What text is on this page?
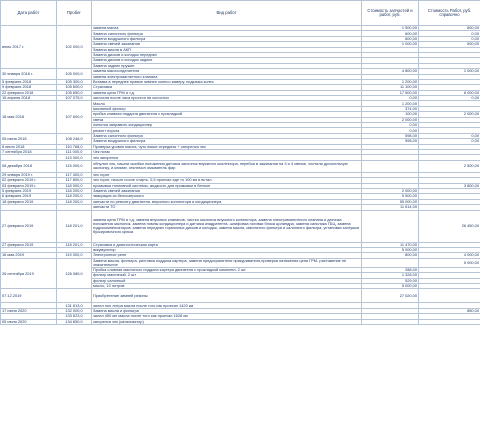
Дата работ	Пробег	Вид работ	Стоимость запчастей и работ, руб.	Стоимость Работ, руб. справочно
июнь 2017 г.	102 000,0	замена масла	1 500,00	800,00
		Замена салонного фильтра	600,00	0,00
		Замена воздушного фильтра	600,00	0,00
		Замена свечей зажигания	1 000,00	500,00
		Замена масла в АКП		
		Замена дисков и колодок передних		
		Замена дисков и колодок задних		
		Замена задних пружин		
30 января 2018 г.	105 000,0	замена маслоотделителя	4 800,00	1 000,00
		замена электромагнитного клапана		
5 февраля 2018	105 300,0	Вставка в переднее правое зимнее колесо камеру, подкачка колес	1 200,00	
9 февраля 2018	105 600,0	Страховка	11 100,00	
22 февраля 2018	105 650,0	замена цепи ГРМ и т.д.	17 500,00	8 000,00
15 апреля 2018	107 075,0	заглохла после часа простоя на холостых	0,00	0,00
18 мая 2018	107 600,0	Масло	1 200,00	
		масляный фильтр	374,00	
		пробка сливная поддона двигателя с прокладкой	100,00	2 000,00
		свеча	2 000,00	
		попытка заправить кондиционер	0,00	
		ремонт порога	0,00	
05 июня 2018	108 246,0	Замена салонного фильтра	598,00	0,00
		Замена воздушного фильтра	598,00	0,00
8 июля 2018	110 768,0	Проверка уровня масла, чуть выше середины + загорелся чек		
7 сентября 2018	111 000,0	Чек погас		
	113 000,0	чек загорелся		
08 декабря 2018	115 000,0	обнулил чек, нашли ошибки положения датчика заслонок впускного коллектора, перебои в зажигании на 3 и 4 свечке, чистили дроссельную заслонку, и климат, отключил омыватель фар		2 500,00
29 января 2019 г.	117 400,0	чек горит		
02 февраля 2019 г.	117 800,0	чек горит, пасcат после стирть, 0,5 проехал еде то 100 км и встал		
03 февраля 2019 г.	118 000,0	промывка топливной системы, жидкость для промывки в бензин		3 800,00
5 февраля 2019	118 200,0	Замена свечей зажигания	2 000,00	
6 февраля 2019	118 200,0	эвакуация из белоозерского	5 500,00	
18 февраля 2019	118 200,0	запчасти по ремонту двигателя, впускного коллектора и кондиционера	55 000,00	
		запчасти ТО	11 614,00	
27 февраля 2019	118 201,0	замена цепи ГРМ и т.д, замена впускных клапанов, чистка заслонок впускного коллектора, замена электромагнитного клапана и датчика положения заслонок, замена помпы кондиционера и датчика кнадратента, шлифовка головки блока цилиндра, замена сальника ГБЦ, замена гидрокомпенсаторов, замена передних тормозных дисков и колодок, замена масла, масляного фильтра и салонного фильтра, установка заглушки буксировочного крюка		26 450,00
27 февраля 2019	118 201,0	Страховка и диагностическая карта	11 470,00	
		аккумулятор	5 000,00	
16 мая 2019	119 000,0	Электронное реле	800,00	4 000,00
26 сентября 2019	126 089,0	Замена масла, фильтра, рихтовка поддона картера, замена предохранителя прикуривателя,проверка натяжения цепи ГРМ- растяжение не значительное		5 000,00
		Пробка сливная масляного поддона картера двигателя с прокладкой комплект, 2 шт.	288,00	
		фильтр масляный, 2 шт	1 328,00	
		фильтр салонный	529,00	
		масло, 10 литров	5 000,00	
07.12.2019		Приобретение зимней резины	27 020,00	
	131 813,0	залил пол литра масла после того как проехал 1420 км		
17 июня 2020	132 000,0	Замена масла и фильтра		850,00
	133 623,0	залил 450 мл масла после того как проехал 1628 км		
05 июля 2020	134 650,0	загорелся чек (катализатор)		
